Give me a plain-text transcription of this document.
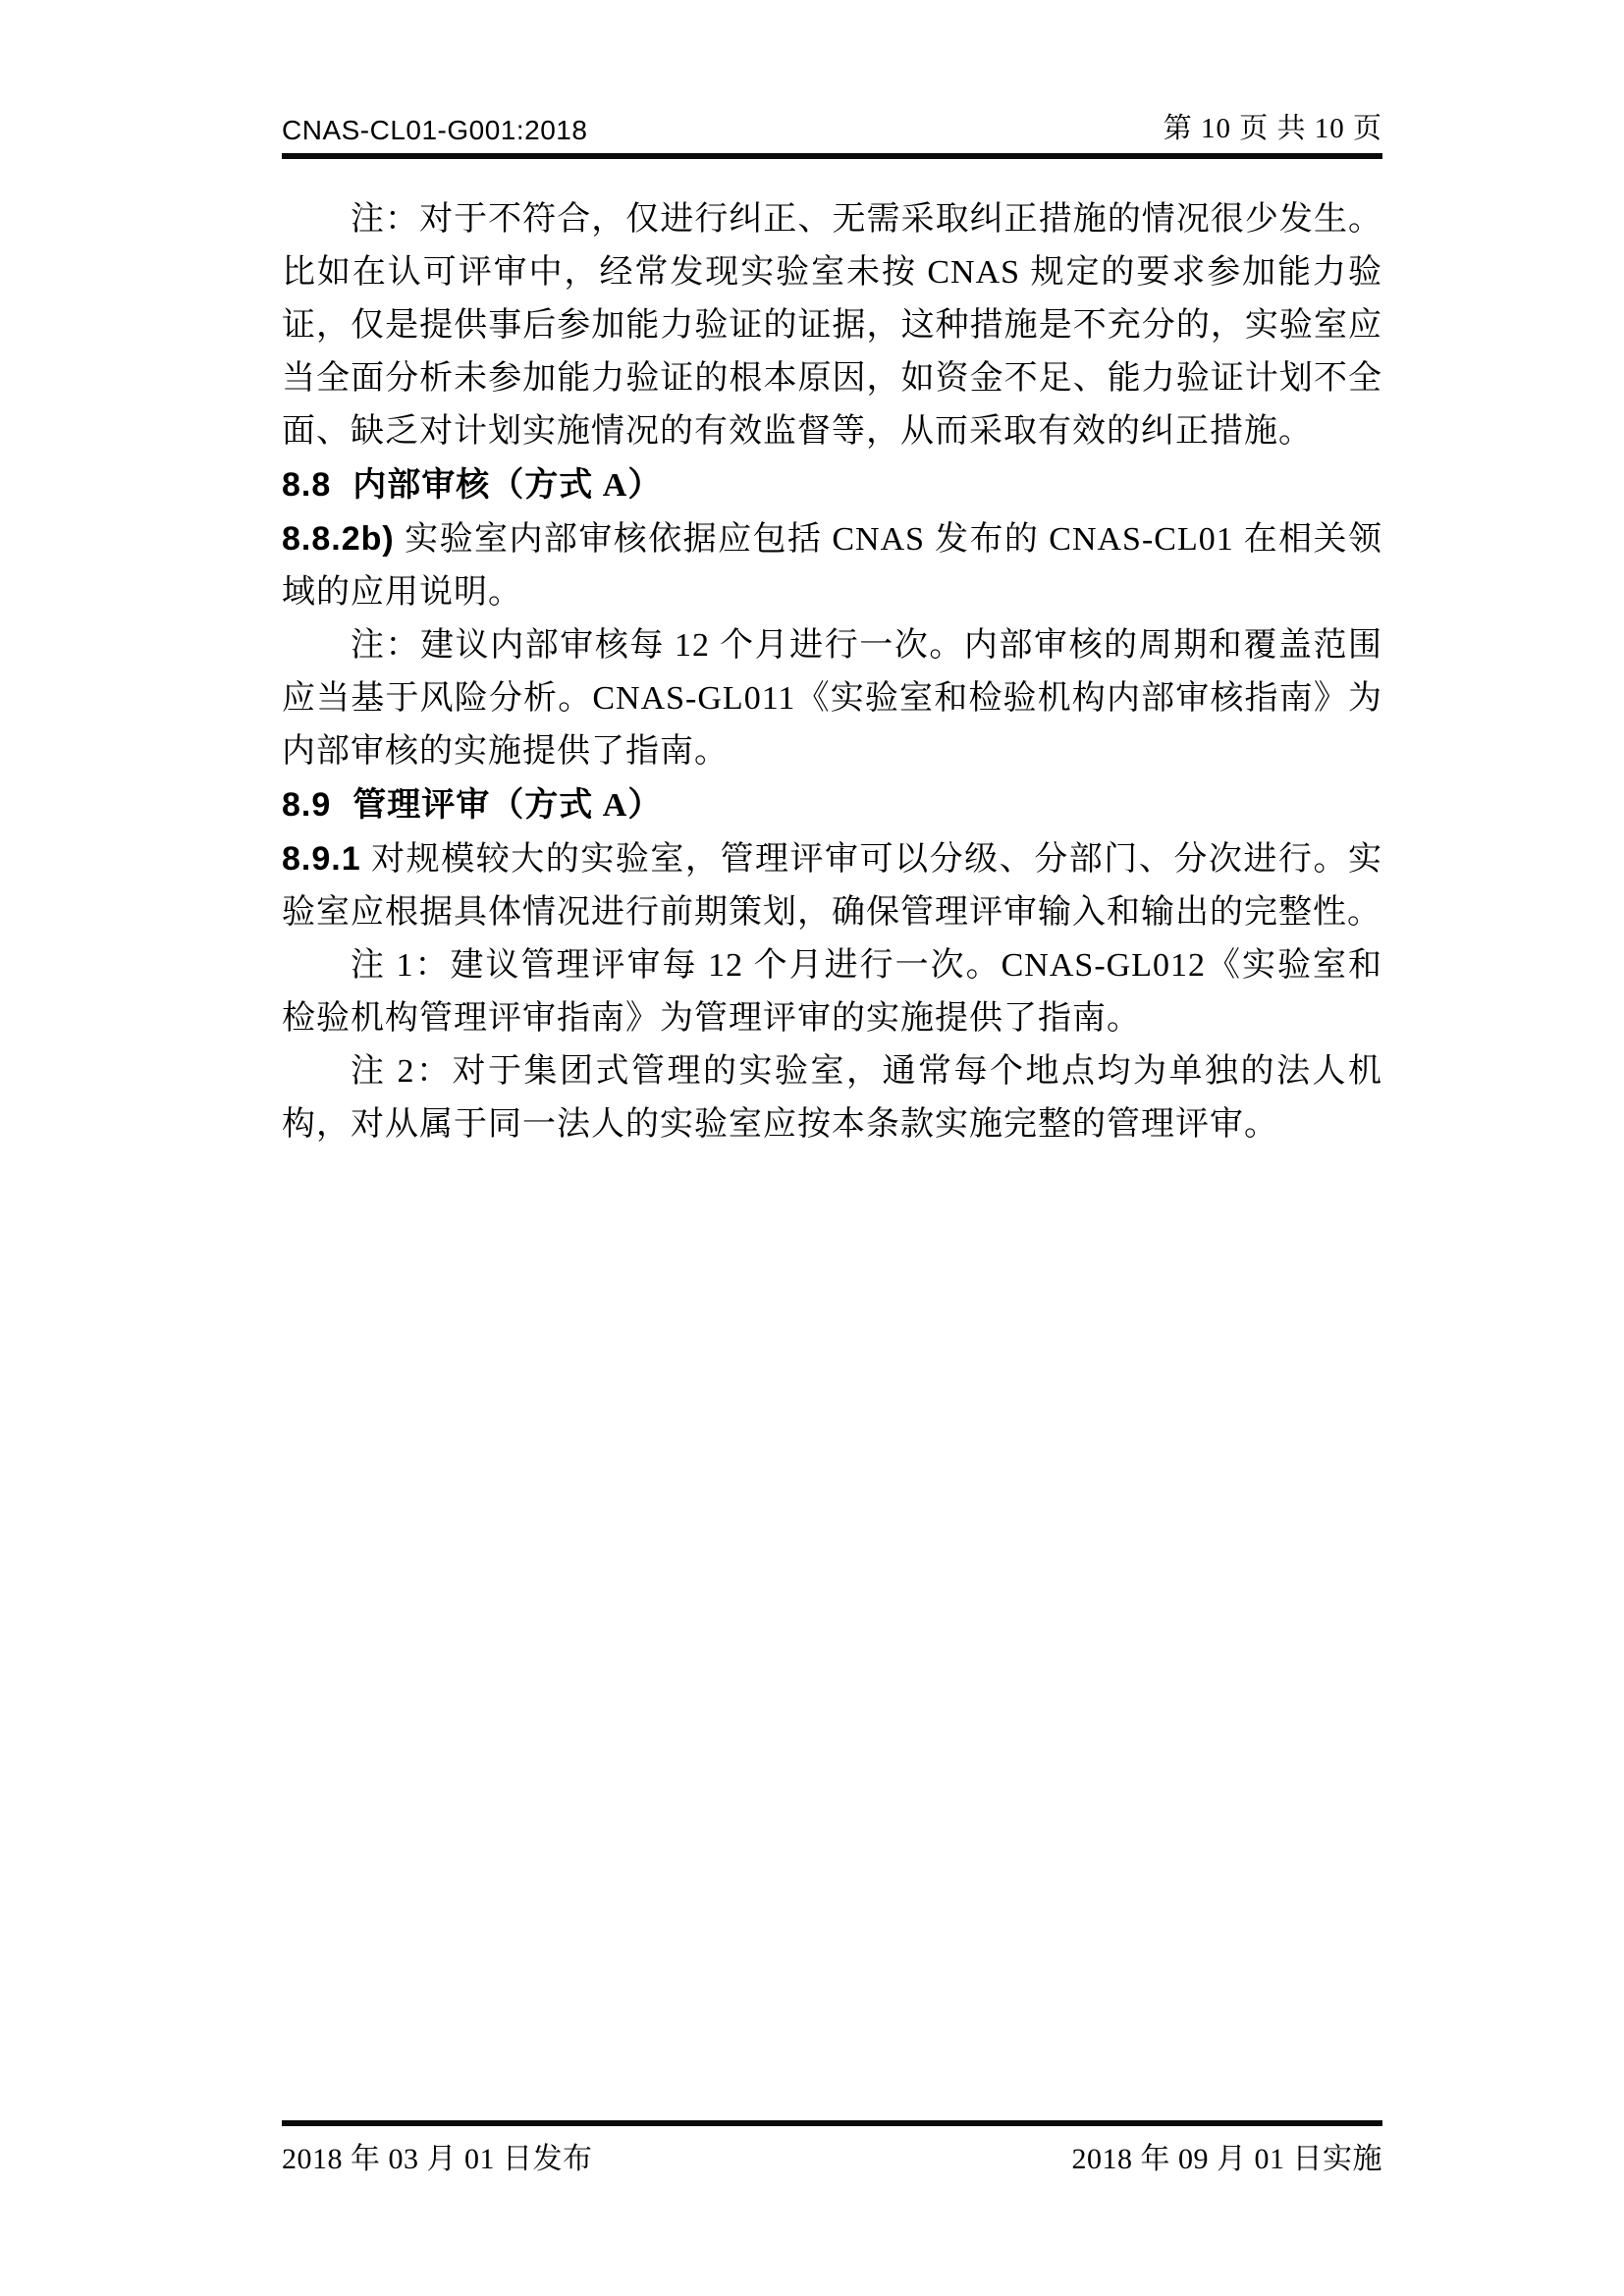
CNAS-CL01-G001:2018	第 10 页 共 10 页

注：对于不符合，仅进行纠正、无需采取纠正措施的情况很少发生。比如在认可评审中，经常发现实验室未按 CNAS 规定的要求参加能力验证，仅是提供事后参加能力验证的证据，这种措施是不充分的，实验室应当全面分析未参加能力验证的根本原因，如资金不足、能力验证计划不全面、缺乏对计划实施情况的有效监督等，从而采取有效的纠正措施。

8.8 内部审核（方式 A）

8.8.2b) 实验室内部审核依据应包括 CNAS 发布的 CNAS-CL01 在相关领域的应用说明。

注：建议内部审核每 12 个月进行一次。内部审核的周期和覆盖范围应当基于风险分析。CNAS-GL011《实验室和检验机构内部审核指南》为内部审核的实施提供了指南。

8.9 管理评审（方式 A）

8.9.1 对规模较大的实验室，管理评审可以分级、分部门、分次进行。实验室应根据具体情况进行前期策划，确保管理评审输入和输出的完整性。

注 1：建议管理评审每 12 个月进行一次。CNAS-GL012《实验室和检验机构管理评审指南》为管理评审的实施提供了指南。

注 2：对于集团式管理的实验室，通常每个地点均为单独的法人机构，对从属于同一法人的实验室应按本条款实施完整的管理评审。

2018 年 03 月 01 日发布	2018 年 09 月 01 日实施
